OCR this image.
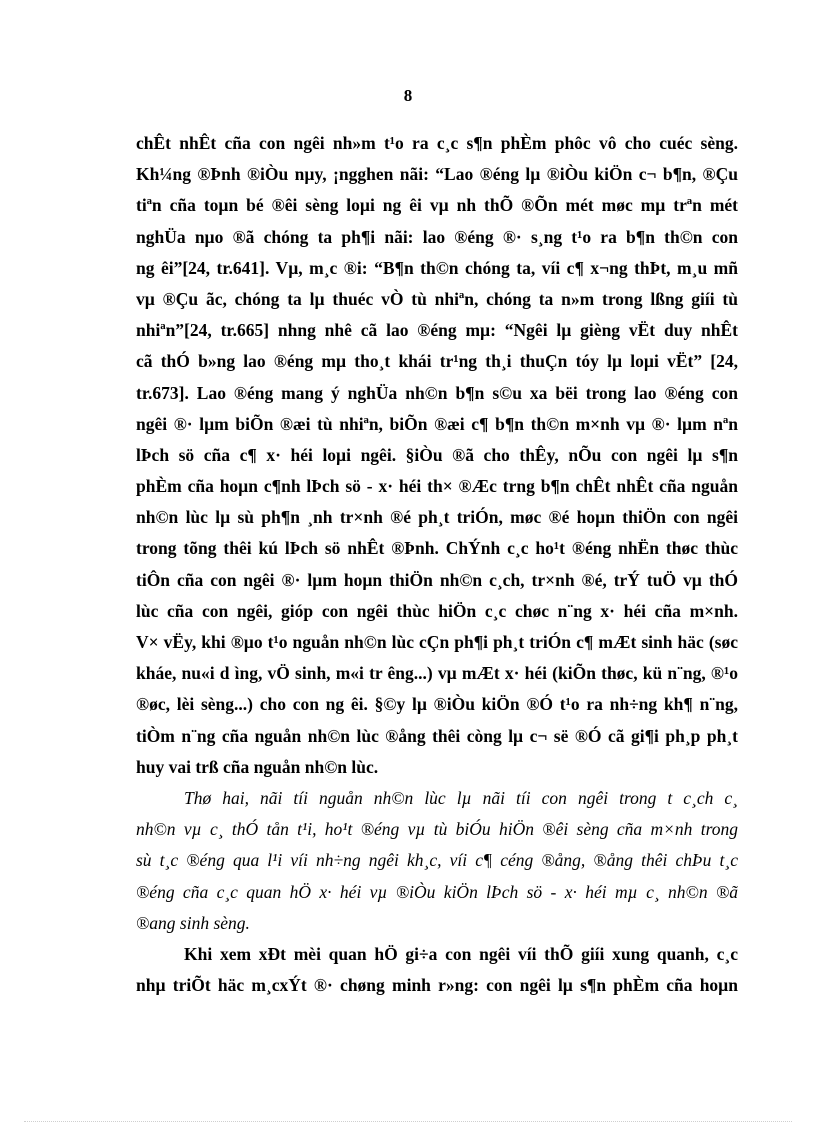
8
chÊt nhÊt cña con ngêi nh»m t¹o ra c¸c s¶n phÈm phôc vô cho cuéc sèng.
Kh¼ng ®Þnh ®iÒu nµy, ¡ngghen nãi: “Lao ®éng lµ ®iÒu kiÖn c¬ b¶n, ®Çu
tiªn cña toµn bé ®êi sèng loµi ng êi vµ nh thÕ ®Õn mét møc mµ trªn mét
nghÜa nµo ®ã chóng ta ph¶i nãi: lao ®éng ®· s¸ng t¹o ra b¶n th©n con
ng êi”[24, tr.641]. Vµ, m¸c ®i: “B¶n th©n chóng ta, víi c¶ x¬ng thÞt, m¸u mñ
vµ ®Çu ãc, chóng ta lµ thuéc vÒ tù nhiªn, chóng ta n»m trong lßng giíi tù
nhiªn”[24, tr.665] nhng nhê cã lao ®éng mµ: “Ngêi lµ gièng vËt duy nhÊt
cã thÓ b»ng lao ®éng mµ tho¸t khái tr¹ng th¸i thuÇn tóy lµ loµi vËt” [24,
tr.673]. Lao ®éng mang ý nghÜa nh©n b¶n s©u xa bëi trong lao ®éng con
ngêi ®· lµm biÕn ®æi tù nhiªn, biÕn ®æi c¶ b¶n th©n m×nh vµ ®· lµm nªn
lÞch sö cña c¶ x· héi loµi ngêi. §iÒu ®ã cho thÊy, nÕu con ngêi lµ s¶n
phÈm cña hoµn c¶nh lÞch sö - x· héi th× ®Æc trng b¶n chÊt nhÊt cña nguån
nh©n lùc lµ sù ph¶n ¸nh tr×nh ®é ph¸t triÓn, møc ®é hoµn thiÖn con ngêi
trong tõng thêi kú lÞch sö nhÊt ®Þnh. ChÝnh c¸c ho¹t ®éng nhËn thøc thùc
tiÔn cña con ngêi ®· lµm hoµn thiÖn nh©n c¸ch, tr×nh ®é, trÝ tuÖ vµ thÓ
lùc cña con ngêi, gióp con ngêi thùc hiÖn c¸c chøc n¨ng x· héi cña m×nh.
V× vËy, khi ®µo t¹o nguån nh©n lùc cÇn ph¶i ph¸t triÓn c¶ mÆt sinh häc (søc
kháe, nu«i d ìng, vÖ sinh, m«i tr êng...) vµ mÆt x· héi (kiÕn thøc, kü n¨ng, ®¹o
®øc, lèi sèng...) cho con ng êi. §©y lµ ®iÒu kiÖn ®Ó t¹o ra nh÷ng kh¶ n¨ng,
tiÒm n¨ng cña nguån nh©n lùc ®ång thêi còng lµ c¬ së ®Ó cã gi¶i ph¸p ph¸t
huy vai trß cña nguån nh©n lùc.
Thø hai, nãi tíi nguån nh©n lùc lµ nãi tíi con ngêi trong t c¸ch c¸
nh©n vµ c¸ thÓ tån t¹i, ho¹t ®éng vµ tù biÓu hiÖn ®êi sèng cña m×nh trong
sù t¸c ®éng qua l¹i víi nh÷ng ngêi kh¸c, víi c¶ céng ®ång, ®ång thêi chÞu t¸c
®éng cña c¸c quan hÖ x· héi vµ ®iÒu kiÖn lÞch sö - x· héi mµ c¸ nh©n ®ã
®ang sinh sèng.
Khi xem xÐt mèi quan hÖ gi÷a con ngêi víi thÕ giíi xung quanh, c¸c
nhµ triÕt häc m¸cxÝt ®· chøng minh r»ng: con ngêi lµ s¶n phÈm cña hoµn
